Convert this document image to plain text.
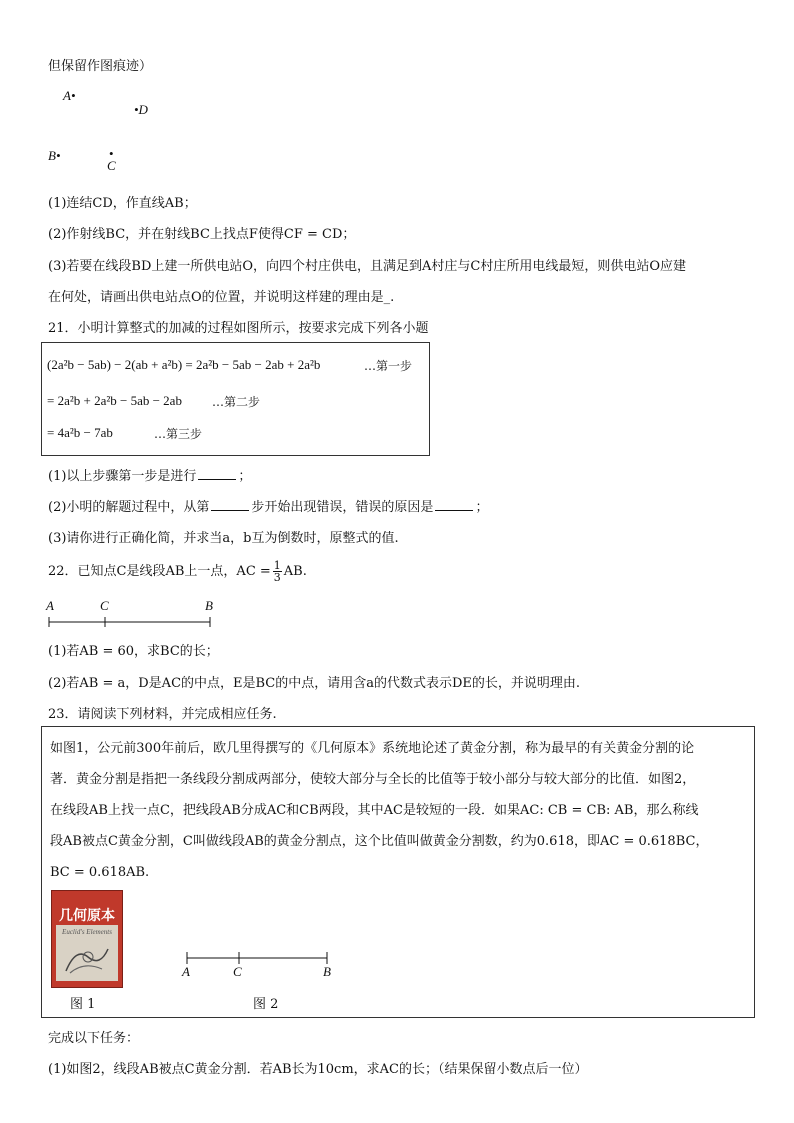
但保留作图痕迹）
A•
•D
B•	•
C
(1)连结CD，作直线AB；
(2)作射线BC，并在射线BC上找点F使得CF = CD；
(3)若要在线段BD上建一所供电站O，向四个村庄供电，且满足到A村庄与C村庄所用电线最短，则供电站O应建
在何处，请画出供电站点O的位置，并说明这样建的理由是_.
21．小明计算整式的加减的过程如图所示，按要求完成下列各小题
(2a²b − 5ab) − 2(ab + a²b) = 2a²b − 5ab − 2ab + 2a²b	…第一步
= 2a²b + 2a²b − 5ab − 2ab	…第二步
= 4a²b − 7ab	…第三步
(1)以上步骤第一步是进行	；
(2)小明的解题过程中，从第	步开始出现错误，错误的原因是	；
(3)请你进行正确化简，并求当a，b互为倒数时，原整式的值.
22．已知点C是线段AB上一点，AC = $\frac{1}{3}$ AB.
A	C	B
(1)若AB = 60，求BC的长；
(2)若AB = a，D是AC的中点，E是BC的中点，请用含a的代数式表示DE的长，并说明理由.
23．请阅读下列材料，并完成相应任务.
如图1，公元前300年前后，欧几里得撰写的《几何原本》系统地论述了黄金分割，称为最早的有关黄金分割的论
著．黄金分割是指把一条线段分割成两部分，使较大部分与全长的比值等于较小部分与较大部分的比值．如图2，
在线段AB上找一点C，把线段AB分成AC和CB两段，其中AC是较短的一段．如果AC: CB = CB: AB，那么称线
段AB被点C黄金分割，C叫做线段AB的黄金分割点，这个比值叫做黄金分割数，约为0.618，即AC = 0.618BC，
BC = 0.618AB.
几何原本
Euclid's Elements
图 1
A	C	B
图 2
完成以下任务：
(1)如图2，线段AB被点C黄金分割．若AB长为10cm，求AC的长；（结果保留小数点后一位）
